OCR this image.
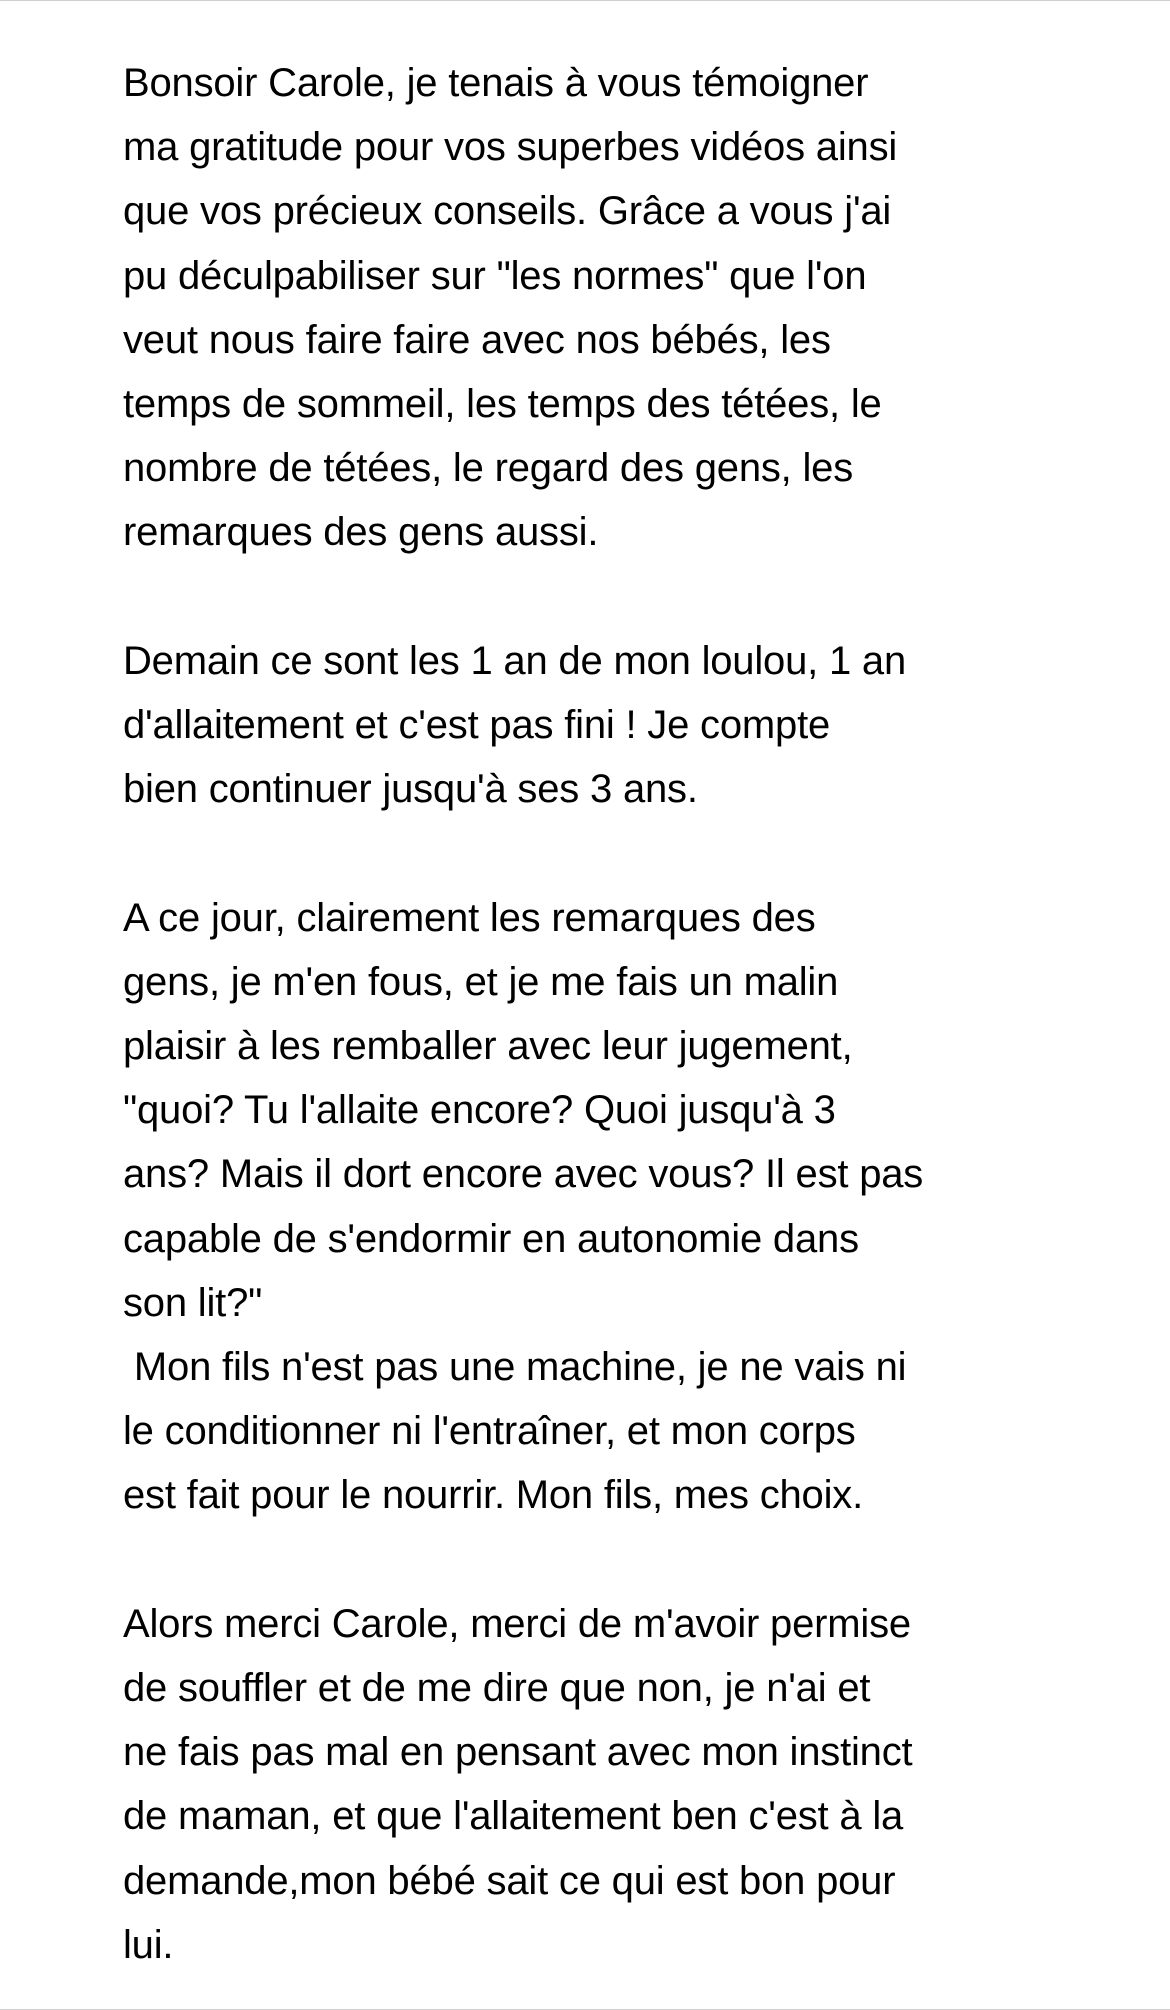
Bonsoir Carole, je tenais à vous témoigner
ma gratitude pour vos superbes vidéos ainsi
que vos précieux conseils. Grâce a vous j'ai
pu déculpabiliser sur "les normes" que l'on
veut nous faire faire avec nos bébés, les
temps de sommeil, les temps des tétées, le
nombre de tétées, le regard des gens, les
remarques des gens aussi.

Demain ce sont les 1 an de mon loulou, 1 an
d'allaitement et c'est pas fini ! Je compte
bien continuer jusqu'à ses 3 ans.

A ce jour, clairement les remarques des
gens, je m'en fous, et je me fais un malin
plaisir à les remballer avec leur jugement,
"quoi? Tu l'allaite encore? Quoi jusqu'à 3
ans? Mais il dort encore avec vous? Il est pas
capable de s'endormir en autonomie dans
son lit?"
Mon fils n'est pas une machine, je ne vais ni
le conditionner ni l'entraîner, et mon corps
est fait pour le nourrir. Mon fils, mes choix.

Alors merci Carole, merci de m'avoir permise
de souffler et de me dire que non, je n'ai et
ne fais pas mal en pensant avec mon instinct
de maman, et que l'allaitement ben c'est à la
demande,mon bébé sait ce qui est bon pour
lui.
